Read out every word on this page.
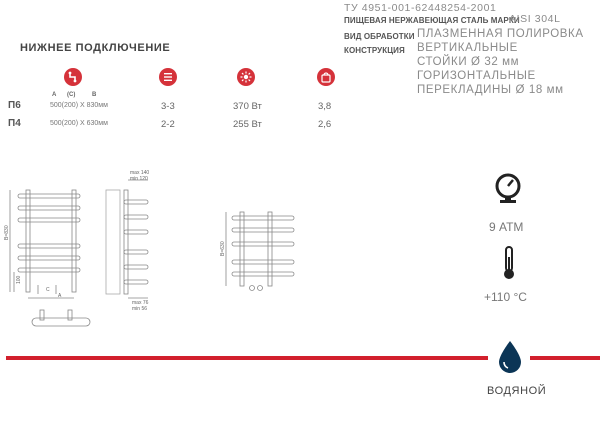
ТУ 4951-001-62448254-2001
ПИЩЕВАЯ НЕРЖАВЕЮЩАЯ СТАЛЬ МАРКИ
AISI 304L
ВИД ОБРАБОТКИ ПЛАЗМЕННАЯ ПОЛИРОВКА
КОНСТРУКЦИЯ ВЕРТИКАЛЬНЫЕ
СТОЙКИ Ø 32 мм
ГОРИЗОНТАЛЬНЫЕ
ПЕРЕКЛАДИНЫ Ø 18 мм
НИЖНЕЕ ПОДКЛЮЧЕНИЕ
A (C)	B
П6	500(200) Х 830мм	3-3	370 Вт	3,8
П4	500(200) Х 630мм	2-2	255 Вт	2,6
max 140
min 120
max 76
min 56
B=830
B=630
100
C
A
9 АТМ
+110 °C
ВОДЯНОЙ
